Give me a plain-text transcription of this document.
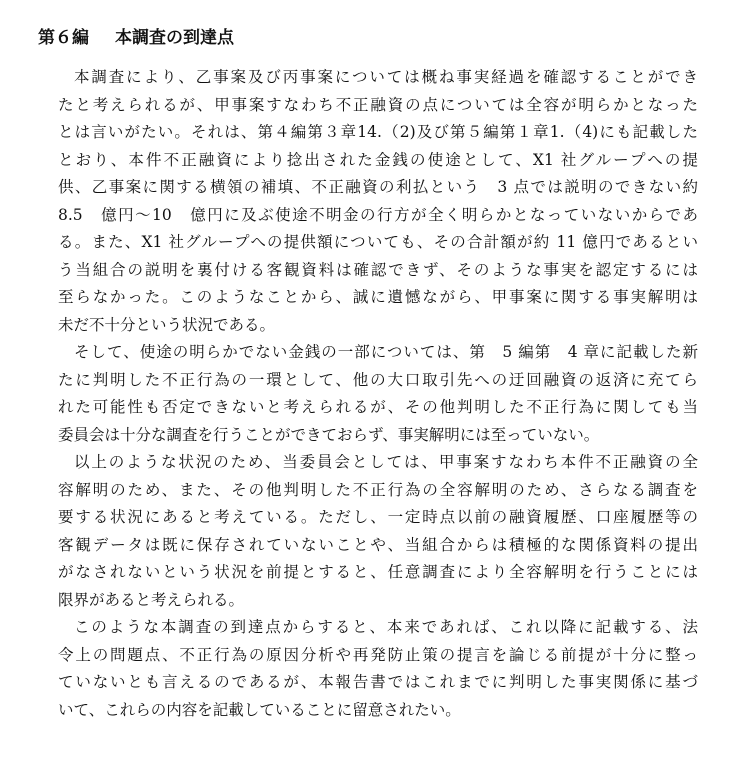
第６編 本調査の到達点
本調査により、乙事案及び丙事案については概ね事実経過を確認することができ
たと考えられるが、甲事案すなわち不正融資の点については全容が明らかとなった
とは言いがたい。それは、第４編第３章14.（2)及び第５編第１章1.（4)にも記載した
とおり、本件不正融資により捻出された金銭の使途として、X1 社グループへの提
供、乙事案に関する横領の補填、不正融資の利払という　3 点では説明のできない約
8.5　億円〜10　億円に及ぶ使途不明金の行方が全く明らかとなっていないからであ
る。また、X1 社グループへの提供額についても、その合計額が約 11 億円であるとい
う当組合の説明を裏付ける客観資料は確認できず、そのような事実を認定するには
至らなかった。このようなことから、誠に遺憾ながら、甲事案に関する事実解明は
未だ不十分という状況である。
そして、使途の明らかでない金銭の一部については、第　5 編第　4 章に記載した新
たに判明した不正行為の一環として、他の大口取引先への迂回融資の返済に充てら
れた可能性も否定できないと考えられるが、その他判明した不正行為に関しても当
委員会は十分な調査を行うことができておらず、事実解明には至っていない。
以上のような状況のため、当委員会としては、甲事案すなわち本件不正融資の全
容解明のため、また、その他判明した不正行為の全容解明のため、さらなる調査を
要する状況にあると考えている。ただし、一定時点以前の融資履歴、口座履歴等の
客観データは既に保存されていないことや、当組合からは積極的な関係資料の提出
がなされないという状況を前提とすると、任意調査により全容解明を行うことには
限界があると考えられる。
このような本調査の到達点からすると、本来であれば、これ以降に記載する、法
令上の問題点、不正行為の原因分析や再発防止策の提言を論じる前提が十分に整っ
ていないとも言えるのであるが、本報告書ではこれまでに判明した事実関係に基づ
いて、これらの内容を記載していることに留意されたい。
